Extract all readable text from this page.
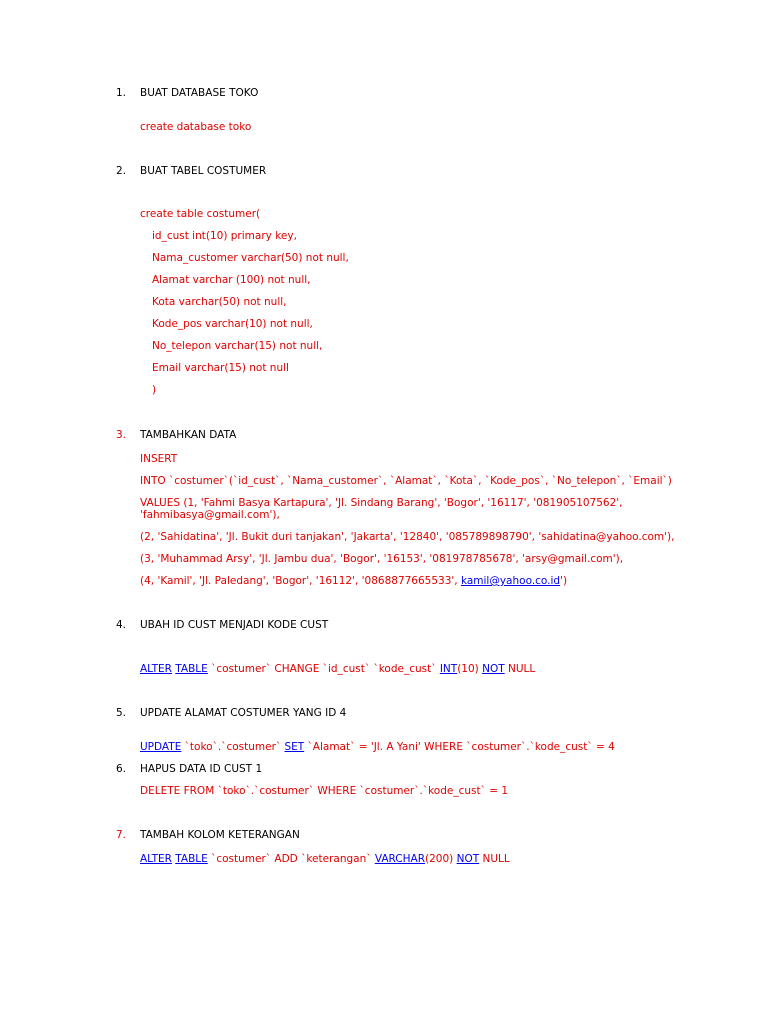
1. BUAT DATABASE TOKO
create database toko
2. BUAT TABEL COSTUMER
create table costumer(
id_cust int(10) primary key,
Nama_customer varchar(50) not null,
Alamat varchar (100) not null,
Kota varchar(50) not null,
Kode_pos varchar(10) not null,
No_telepon varchar(15) not null,
Email varchar(15) not null
)
3. TAMBAHKAN DATA
INSERT
INTO `costumer`(`id_cust`, `Nama_customer`, `Alamat`, `Kota`, `Kode_pos`, `No_telepon`, `Email`)
VALUES (1, 'Fahmi Basya Kartapura', 'Jl. Sindang Barang', 'Bogor', '16117', '081905107562',
'fahmibasya@gmail.com'),
(2, 'Sahidatina', 'Jl. Bukit duri tanjakan', 'Jakarta', '12840', '085789898790', 'sahidatina@yahoo.com'),
(3, 'Muhammad Arsy', 'Jl. Jambu dua', 'Bogor', '16153', '081978785678', 'arsy@gmail.com'),
(4, 'Kamil', 'Jl. Paledang', 'Bogor', '16112', '0868877665533', kamil@yahoo.co.id')
4. UBAH ID CUST MENJADI KODE CUST
ALTER TABLE `costumer` CHANGE `id_cust` `kode_cust` INT(10) NOT NULL
5. UPDATE ALAMAT COSTUMER YANG ID 4
UPDATE `toko`.`costumer` SET `Alamat` = 'Jl. A Yani' WHERE `costumer`.`kode_cust` = 4
6. HAPUS DATA ID CUST 1
DELETE FROM `toko`.`costumer` WHERE `costumer`.`kode_cust` = 1
7. TAMBAH KOLOM KETERANGAN
ALTER TABLE `costumer` ADD `keterangan` VARCHAR(200) NOT NULL
